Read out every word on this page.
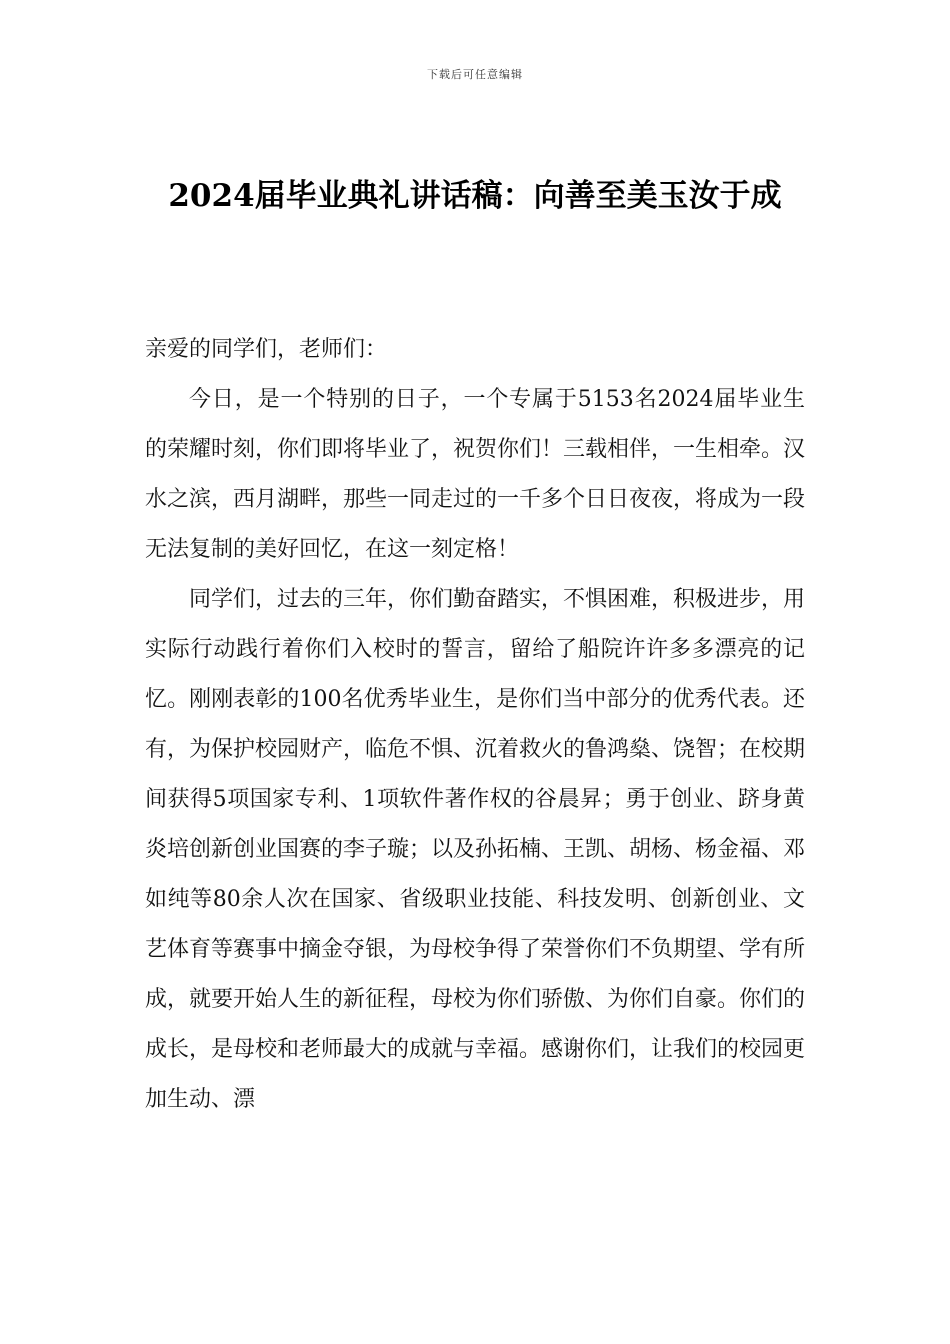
下载后可任意编辑
2024届毕业典礼讲话稿：向善至美玉汝于成

亲爱的同学们，老师们：

今日，是一个特别的日子，一个专属于5153名2024届毕业生的荣耀时刻，你们即将毕业了，祝贺你们！三载相伴，一生相牵。汉水之滨，西月湖畔，那些一同走过的一千多个日日夜夜，将成为一段无法复制的美好回忆，在这一刻定格！

同学们，过去的三年，你们勤奋踏实，不惧困难，积极进步，用实际行动践行着你们入校时的誓言，留给了船院许许多多漂亮的记忆。刚刚表彰的100名优秀毕业生，是你们当中部分的优秀代表。还有，为保护校园财产，临危不惧、沉着救火的鲁鸿燊、饶智；在校期间获得5项国家专利、1项软件著作权的谷晨昇；勇于创业、跻身黄炎培创新创业国赛的李子璇；以及孙拓楠、王凯、胡杨、杨金福、邓如纯等80余人次在国家、省级职业技能、科技发明、创新创业、文艺体育等赛事中摘金夺银，为母校争得了荣誉你们不负期望、学有所成，就要开始人生的新征程，母校为你们骄傲、为你们自豪。你们的成长，是母校和老师最大的成就与幸福。感谢你们，让我们的校园更加生动、漂
